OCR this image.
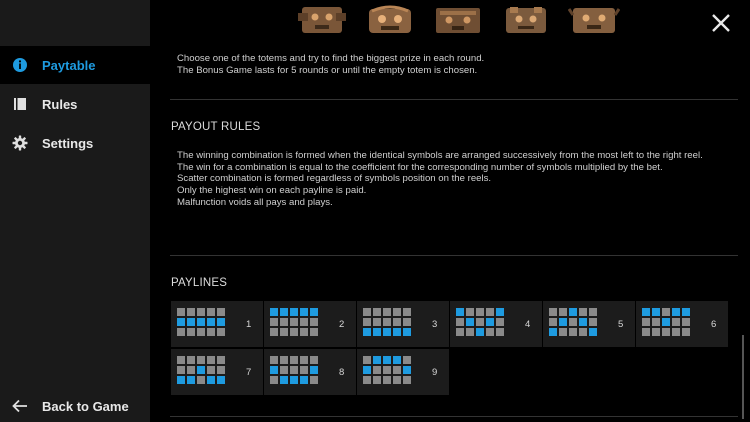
Paytable
Rules
Settings
Back to Game
Choose one of the totems and try to find the biggest prize in each round.
The Bonus Game lasts for 5 rounds or until the empty totem is chosen.
PAYOUT RULES
The winning combination is formed when the identical symbols are arranged successively from the most left to the right reel.
The win for a combination is equal to the coefficient for the corresponding number of symbols multiplied by the bet.
Scatter combination is formed regardless of symbols position on the reels.
Only the highest win on each payline is paid.
Malfunction voids all pays and plays.
PAYLINES
1	2	3	4	5	6
7	8	9
